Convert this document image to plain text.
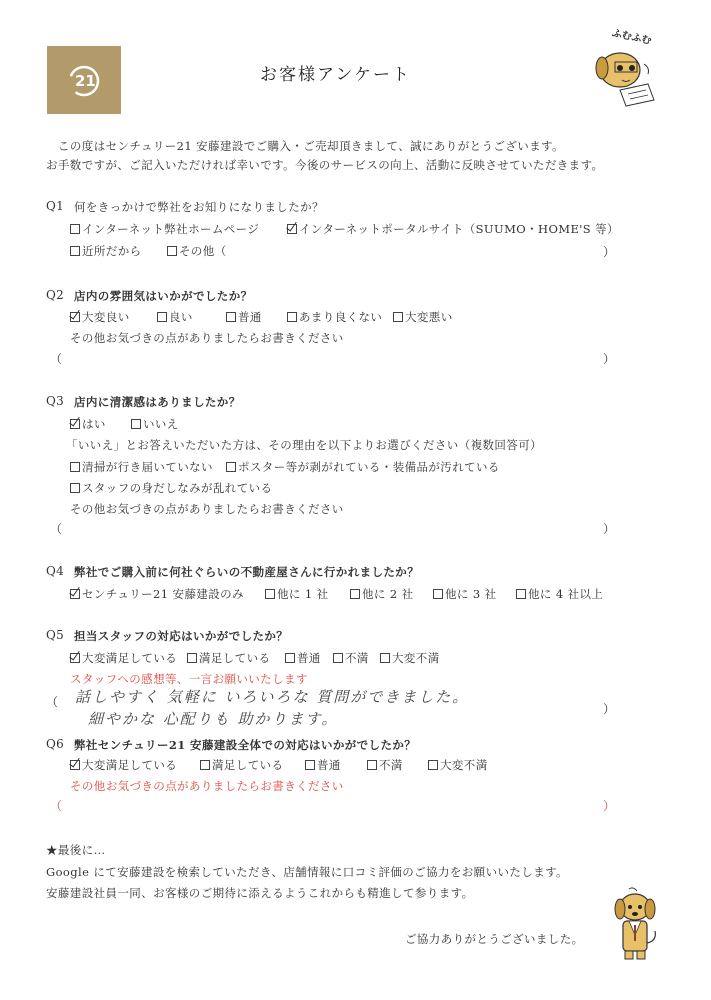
21	お客様アンケート
ふむふむ
この度はセンチュリー21 安藤建設でご購入・ご売却頂きまして、誠にありがとうございます。
お手数ですが、ご記入いただければ幸いです。今後のサービスの向上、活動に反映させていただきます。
Q1 何をきっかけで弊社をお知りになりましたか？
インターネット弊社ホームページ	インターネットポータルサイト（SUUMO・HOME'S 等）
近所だから	その他（	）
Q2 店内の雰囲気はいかがでしたか？
大変良い	良い	普通	あまり良くない	大変悪い
その他お気づきの点がありましたらお書きください
（	）
Q3 店内に清潔感はありましたか？
はい	いいえ
「いいえ」とお答えいただいた方は、その理由を以下よりお選びください（複数回答可）
清掃が行き届いていない	ポスター等が剥がれている・装備品が汚れている
スタッフの身だしなみが乱れている
その他お気づきの点がありましたらお書きください
（	）
Q4 弊社でご購入前に何社ぐらいの不動産屋さんに行かれましたか？
センチュリー21 安藤建設のみ	他に 1 社	他に 2 社	他に 3 社	他に 4 社以上
Q5 担当スタッフの対応はいかがでしたか？
大変満足している	満足している	普通	不満	大変不満
スタッフへの感想等、一言お願いいたします
（ 話しやすく 気軽に いろいろな 質問ができました。
細やかな 心配りも 助かります。
）
Q6 弊社センチュリー21 安藤建設全体での対応はいかがでしたか？
大変満足している	満足している	普通	不満	大変不満
その他お気づきの点がありましたらお書きください
（	）
★最後に…
Google にて安藤建設を検索していただき、店舗情報に口コミ評価のご協力をお願いいたします。
安藤建設社員一同、お客様のご期待に添えるようこれからも精進して参ります。
ご協力ありがとうございました。
